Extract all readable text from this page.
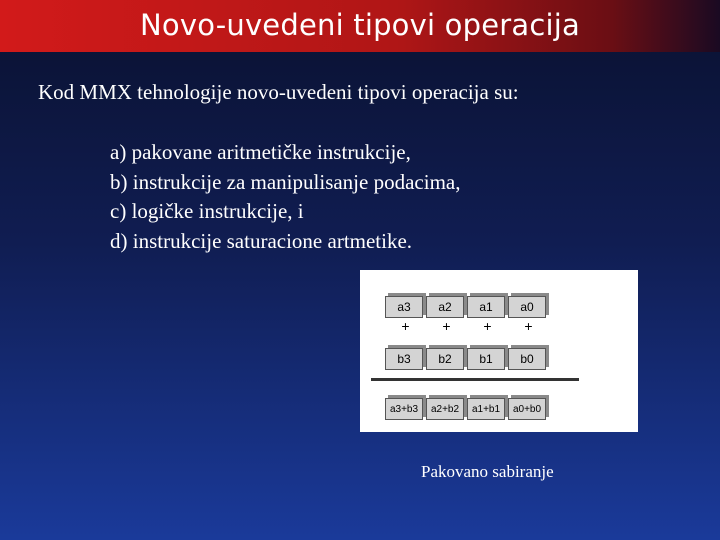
Novo-uvedeni tipovi operacija
Kod MMX tehnologije novo-uvedeni tipovi operacija su:
a) pakovane aritmetičke instrukcije,
b) instrukcije za manipulisanje podacima,
c) logičke instrukcije, i
d) instrukcije saturacione artmetike.
a3	a2	a1	a0
+	+	+	+
b3	b2	b1	b0
a3+b3	a2+b2	a1+b1	a0+b0
Pakovano sabiranje
